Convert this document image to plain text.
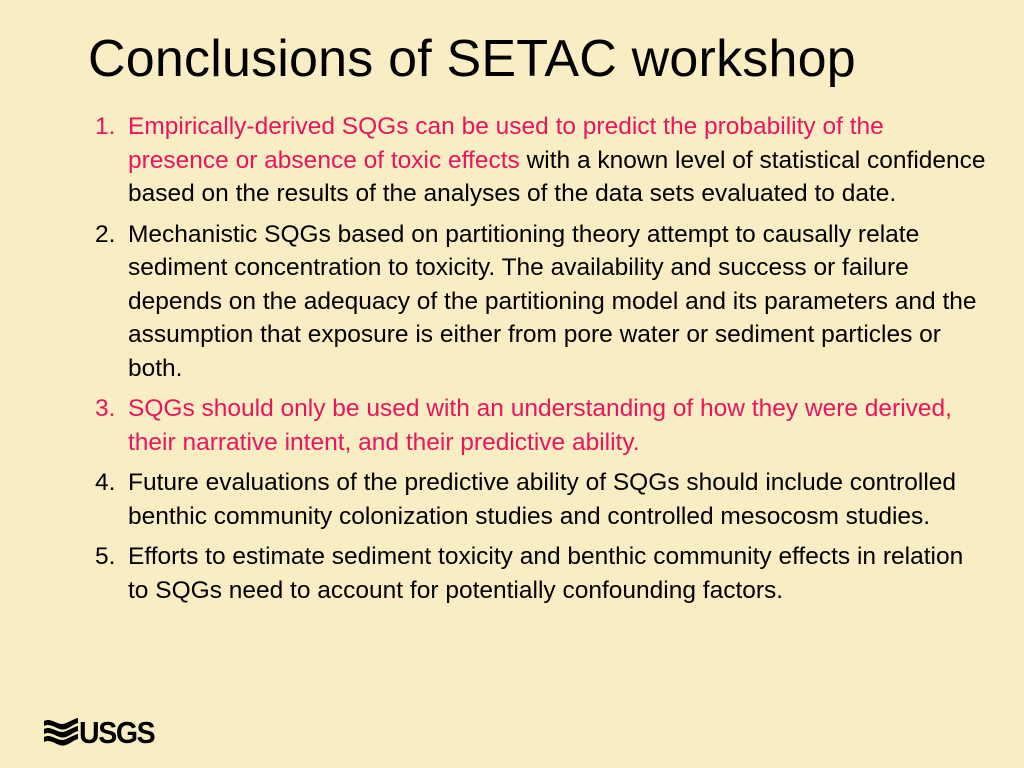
Conclusions of SETAC workshop
1. Empirically-derived SQGs can be used to predict the probability of the presence or absence of toxic effects with a known level of statistical confidence based on the results of the analyses of the data sets evaluated to date.
2. Mechanistic SQGs based on partitioning theory attempt to causally relate sediment concentration to toxicity. The availability and success or failure depends on the adequacy of the partitioning model and its parameters and the assumption that exposure is either from pore water or sediment particles or both.
3. SQGs should only be used with an understanding of how they were derived, their narrative intent, and their predictive ability.
4. Future evaluations of the predictive ability of SQGs should include controlled benthic community colonization studies and controlled mesocosm studies.
5. Efforts to estimate sediment toxicity and benthic community effects in relation to SQGs need to account for potentially confounding factors.
USGS
